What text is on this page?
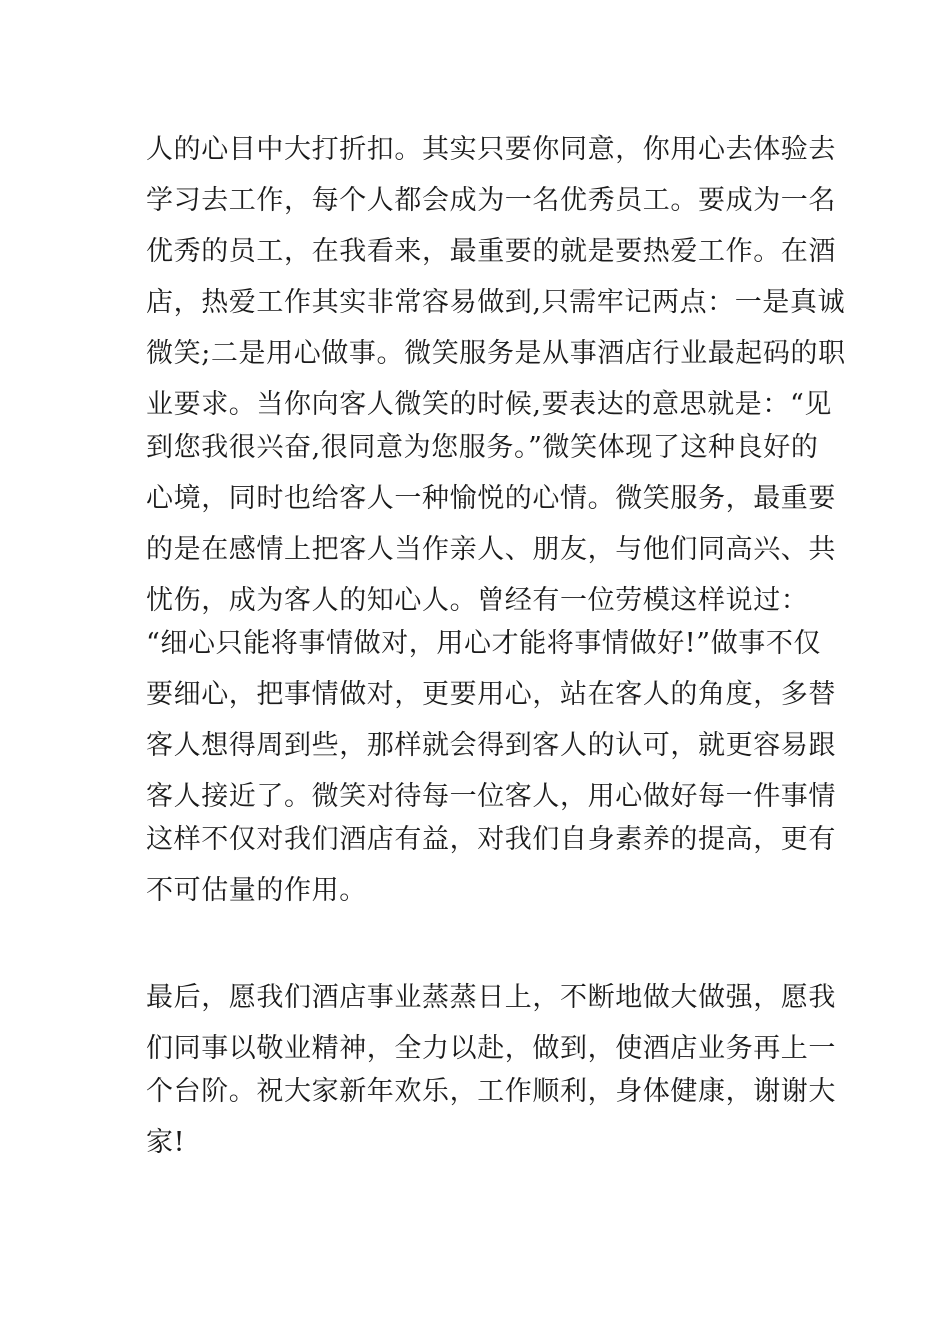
人的心目中大打折扣。其实只要你同意，你用心去体验去
学习去工作，每个人都会成为一名优秀员工。要成为一名
优秀的员工，在我看来，最重要的就是要热爱工作。在酒
店，热爱工作其实非常容易做到,只需牢记两点：一是真诚
微笑;二是用心做事。微笑服务是从事酒店行业最起码的职
业要求。当你向客人微笑的时候,要表达的意思就是：“见
到您我很兴奋,很同意为您服务。”微笑体现了这种良好的
心境，同时也给客人一种愉悦的心情。微笑服务，最重要
的是在感情上把客人当作亲人、朋友，与他们同高兴、共
忧伤，成为客人的知心人。曾经有一位劳模这样说过：
“细心只能将事情做对，用心才能将事情做好!”做事不仅
要细心，把事情做对，更要用心，站在客人的角度，多替
客人想得周到些，那样就会得到客人的认可，就更容易跟
客人接近了。微笑对待每一位客人，用心做好每一件事情
这样不仅对我们酒店有益，对我们自身素养的提高，更有
不可估量的作用。
最后，愿我们酒店事业蒸蒸日上，不断地做大做强，愿我
们同事以敬业精神，全力以赴，做到，使酒店业务再上一
个台阶。祝大家新年欢乐，工作顺利，身体健康，谢谢大
家!
